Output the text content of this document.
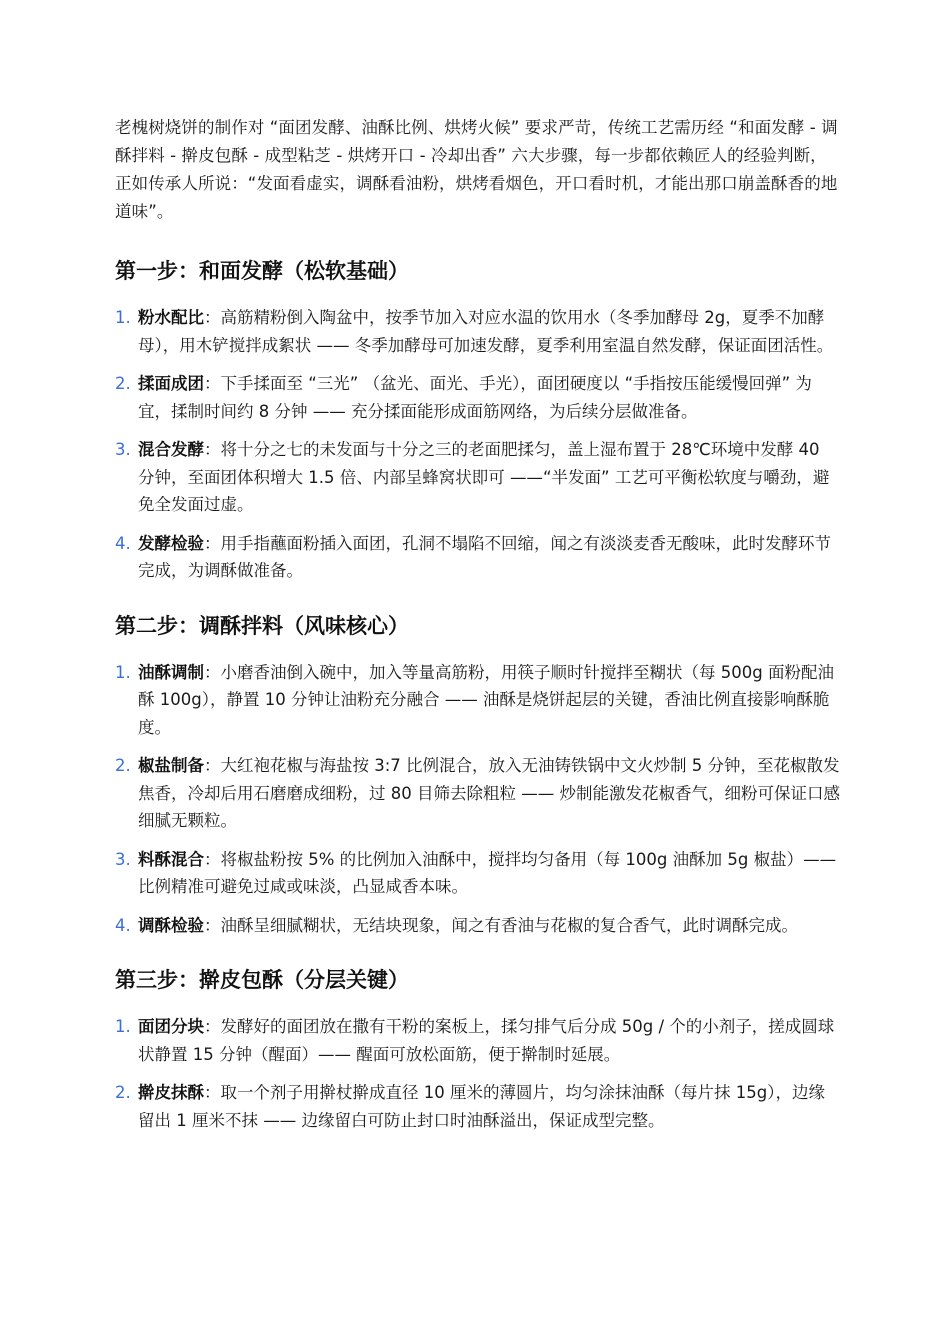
老槐树烧饼的制作对 “面团发酵、油酥比例、烘烤火候” 要求严苛，传统工艺需历经 “和面发酵 - 调酥拌料 - 擀皮包酥 - 成型粘芝 - 烘烤开口 - 冷却出香” 六大步骤，每一步都依赖匠人的经验判断，正如传承人所说：“发面看虚实，调酥看油粉，烘烤看烟色，开口看时机，才能出那口崩盖酥香的地道味”。

第一步：和面发酵（松软基础）
1. 粉水配比：高筋精粉倒入陶盆中，按季节加入对应水温的饮用水（冬季加酵母 2g，夏季不加酵母），用木铲搅拌成絮状 —— 冬季加酵母可加速发酵，夏季利用室温自然发酵，保证面团活性。
2. 揉面成团：下手揉面至 “三光” （盆光、面光、手光），面团硬度以 “手指按压能缓慢回弹” 为宜，揉制时间约 8 分钟 —— 充分揉面能形成面筋网络，为后续分层做准备。
3. 混合发酵：将十分之七的未发面与十分之三的老面肥揉匀，盖上湿布置于 28℃环境中发酵 40 分钟，至面团体积增大 1.5 倍、内部呈蜂窝状即可 ——“半发面” 工艺可平衡松软度与嚼劲，避免全发面过虚。
4. 发酵检验：用手指蘸面粉插入面团，孔洞不塌陷不回缩，闻之有淡淡麦香无酸味，此时发酵环节完成，为调酥做准备。
第二步：调酥拌料（风味核心）
1. 油酥调制：小磨香油倒入碗中，加入等量高筋粉，用筷子顺时针搅拌至糊状（每 500g 面粉配油酥 100g），静置 10 分钟让油粉充分融合 —— 油酥是烧饼起层的关键，香油比例直接影响酥脆度。
2. 椒盐制备：大红袍花椒与海盐按 3:7 比例混合，放入无油铸铁锅中文火炒制 5 分钟，至花椒散发焦香，冷却后用石磨磨成细粉，过 80 目筛去除粗粒 —— 炒制能激发花椒香气，细粉可保证口感细腻无颗粒。
3. 料酥混合：将椒盐粉按 5% 的比例加入油酥中，搅拌均匀备用（每 100g 油酥加 5g 椒盐）—— 比例精准可避免过咸或味淡，凸显咸香本味。
4. 调酥检验：油酥呈细腻糊状，无结块现象，闻之有香油与花椒的复合香气，此时调酥完成。
第三步：擀皮包酥（分层关键）
1. 面团分块：发酵好的面团放在撒有干粉的案板上，揉匀排气后分成 50g / 个的小剂子，搓成圆球状静置 15 分钟（醒面）—— 醒面可放松面筋，便于擀制时延展。
2. 擀皮抹酥：取一个剂子用擀杖擀成直径 10 厘米的薄圆片，均匀涂抹油酥（每片抹 15g），边缘留出 1 厘米不抹 —— 边缘留白可防止封口时油酥溢出，保证成型完整。
